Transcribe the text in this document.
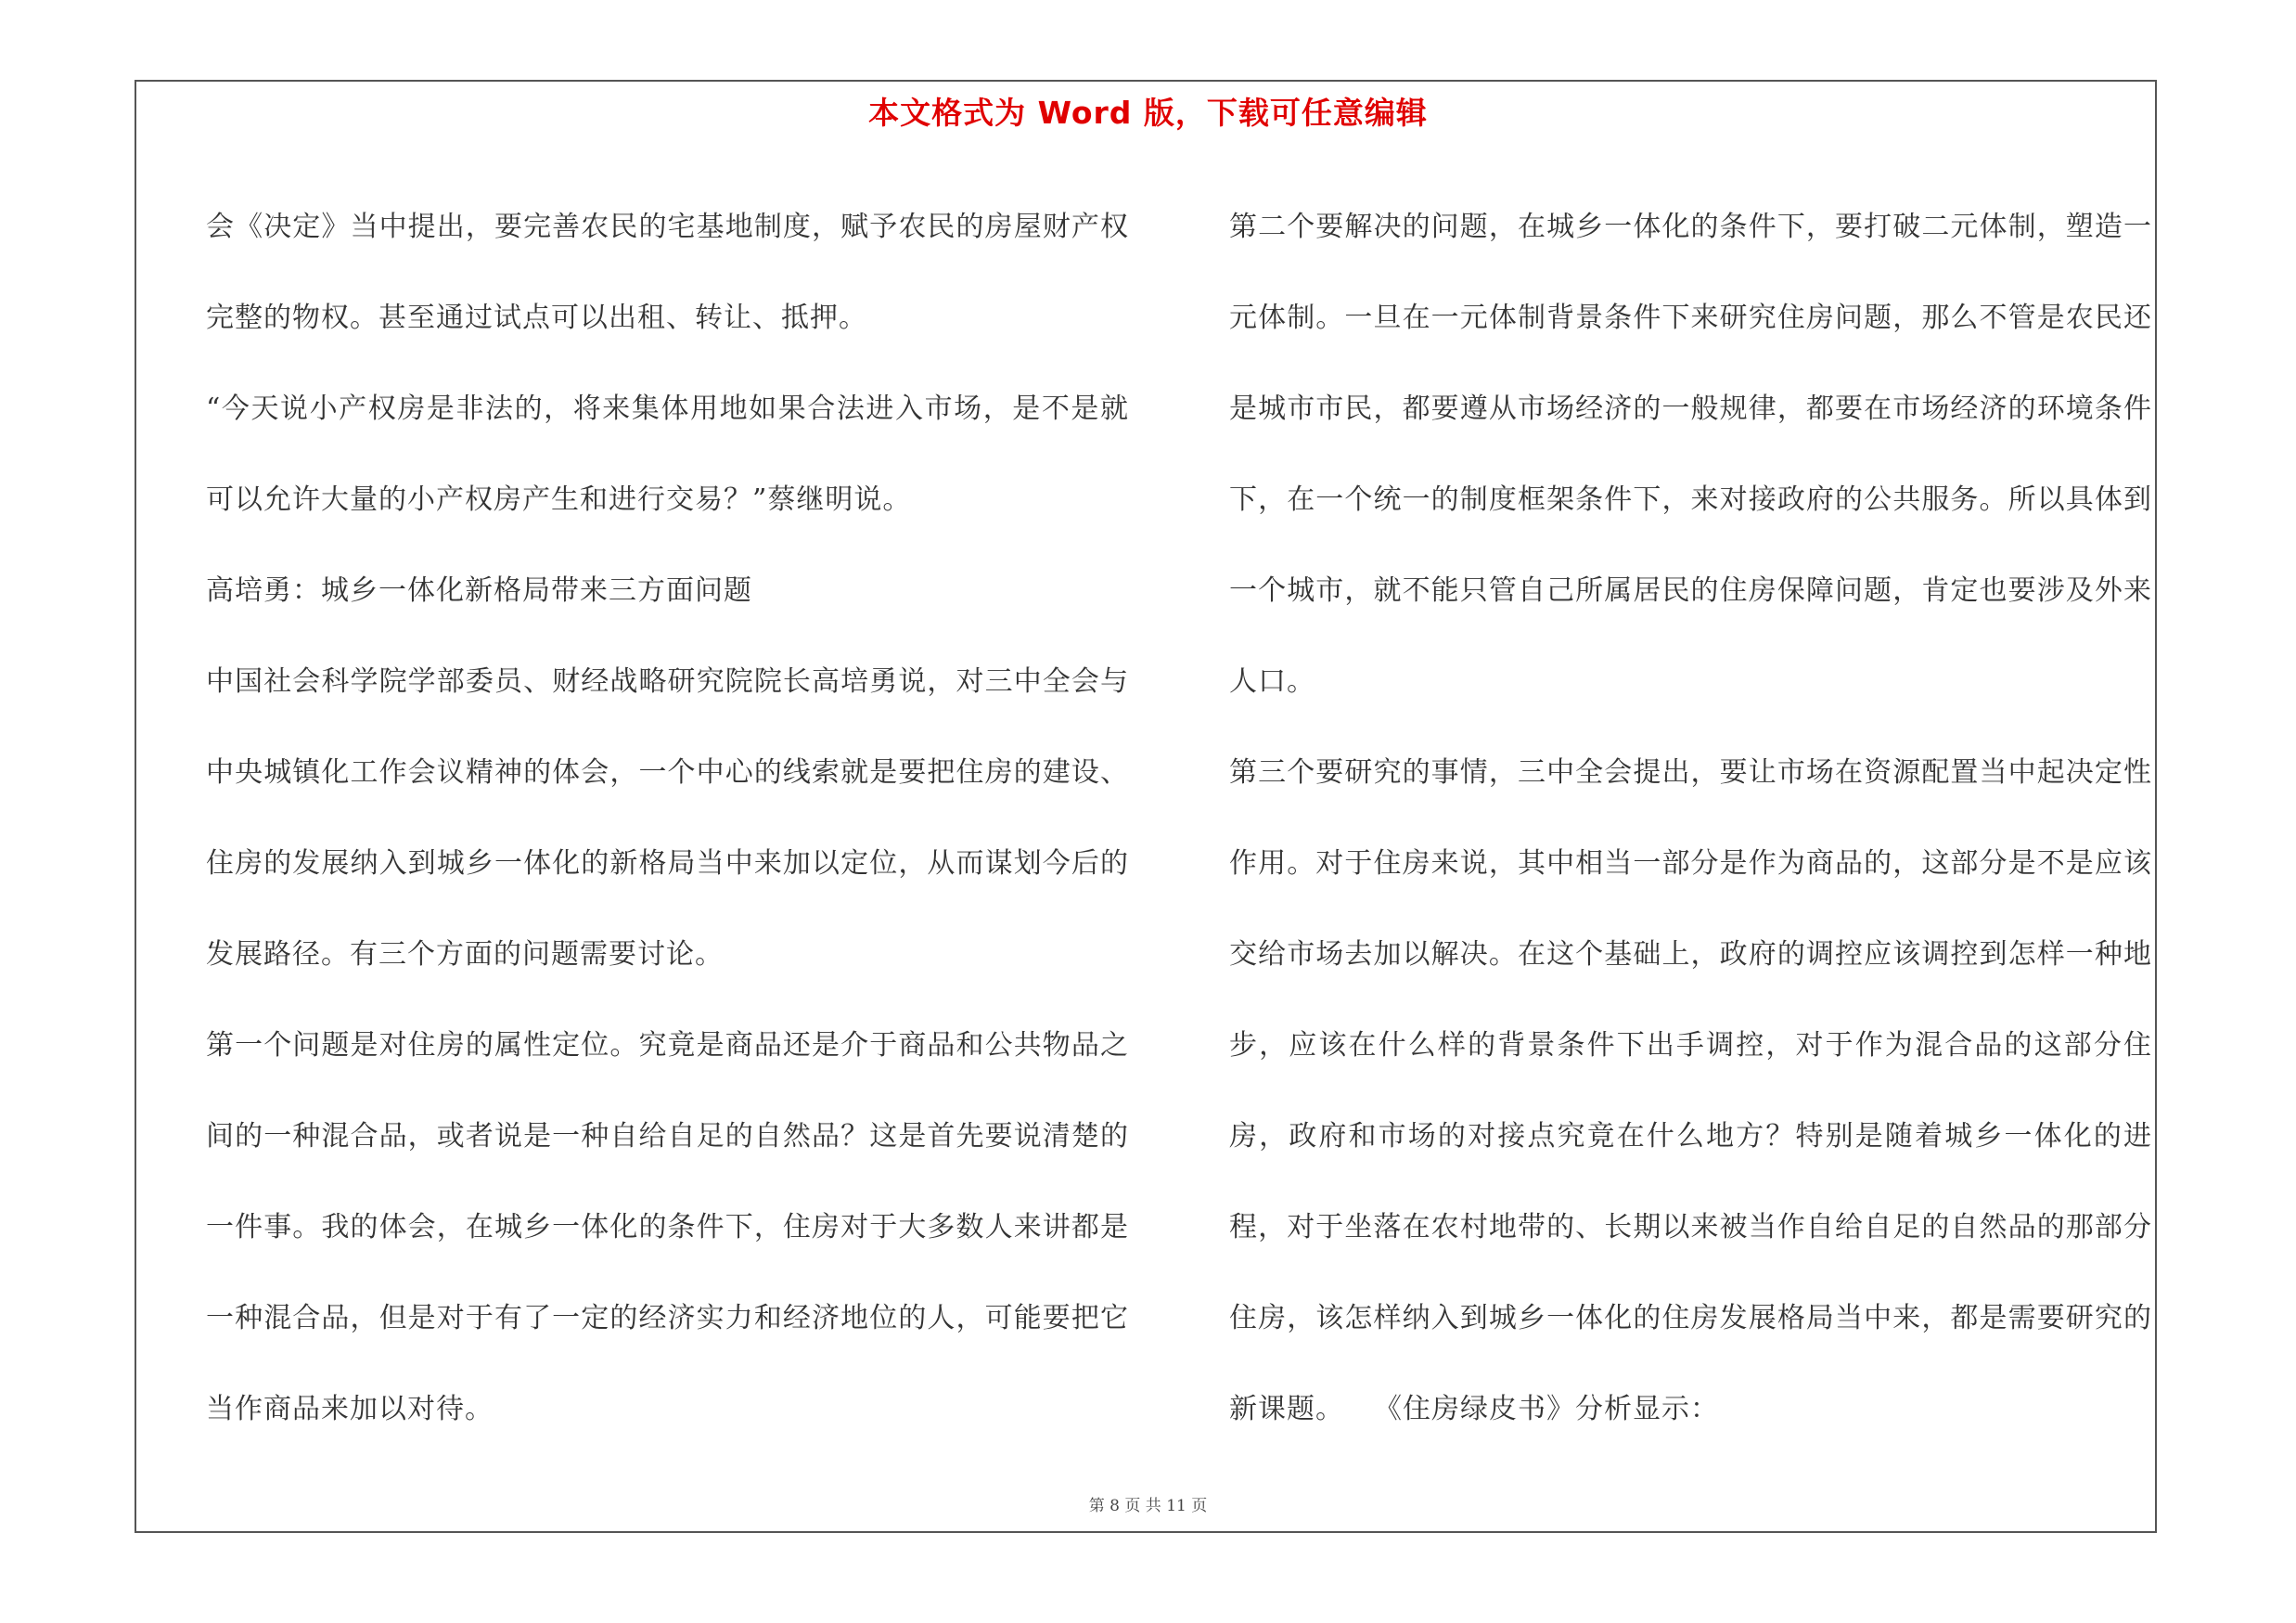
本文格式为 Word 版，下载可任意编辑

会《决定》当中提出，要完善农民的宅基地制度，赋予农民的房屋财产权完整的物权。甚至通过试点可以出租、转让、抵押。

“今天说小产权房是非法的，将来集体用地如果合法进入市场，是不是就可以允许大量的小产权房产生和进行交易？”蔡继明说。

高培勇：城乡一体化新格局带来三方面问题

中国社会科学院学部委员、财经战略研究院院长高培勇说，对三中全会与中央城镇化工作会议精神的体会，一个中心的线索就是要把住房的建设、住房的发展纳入到城乡一体化的新格局当中来加以定位，从而谋划今后的发展路径。有三个方面的问题需要讨论。

第一个问题是对住房的属性定位。究竟是商品还是介于商品和公共物品之间的一种混合品，或者说是一种自给自足的自然品？这是首先要说清楚的一件事。我的体会，在城乡一体化的条件下，住房对于大多数人来讲都是一种混合品，但是对于有了一定的经济实力和经济地位的人，可能要把它当作商品来加以对待。

第二个要解决的问题，在城乡一体化的条件下，要打破二元体制，塑造一元体制。一旦在一元体制背景条件下来研究住房问题，那么不管是农民还是城市市民，都要遵从市场经济的一般规律，都要在市场经济的环境条件下，在一个统一的制度框架条件下，来对接政府的公共服务。所以具体到一个城市，就不能只管自己所属居民的住房保障问题，肯定也要涉及外来人口。

第三个要研究的事情，三中全会提出，要让市场在资源配置当中起决定性作用。对于住房来说，其中相当一部分是作为商品的，这部分是不是应该交给市场去加以解决。在这个基础上，政府的调控应该调控到怎样一种地步，应该在什么样的背景条件下出手调控，对于作为混合品的这部分住房，政府和市场的对接点究竟在什么地方？特别是随着城乡一体化的进程，对于坐落在农村地带的、长期以来被当作自给自足的自然品的那部分住房，该怎样纳入到城乡一体化的住房发展格局当中来，都是需要研究的新课题。　　《住房绿皮书》分析显示：

第 8 页 共 11 页
